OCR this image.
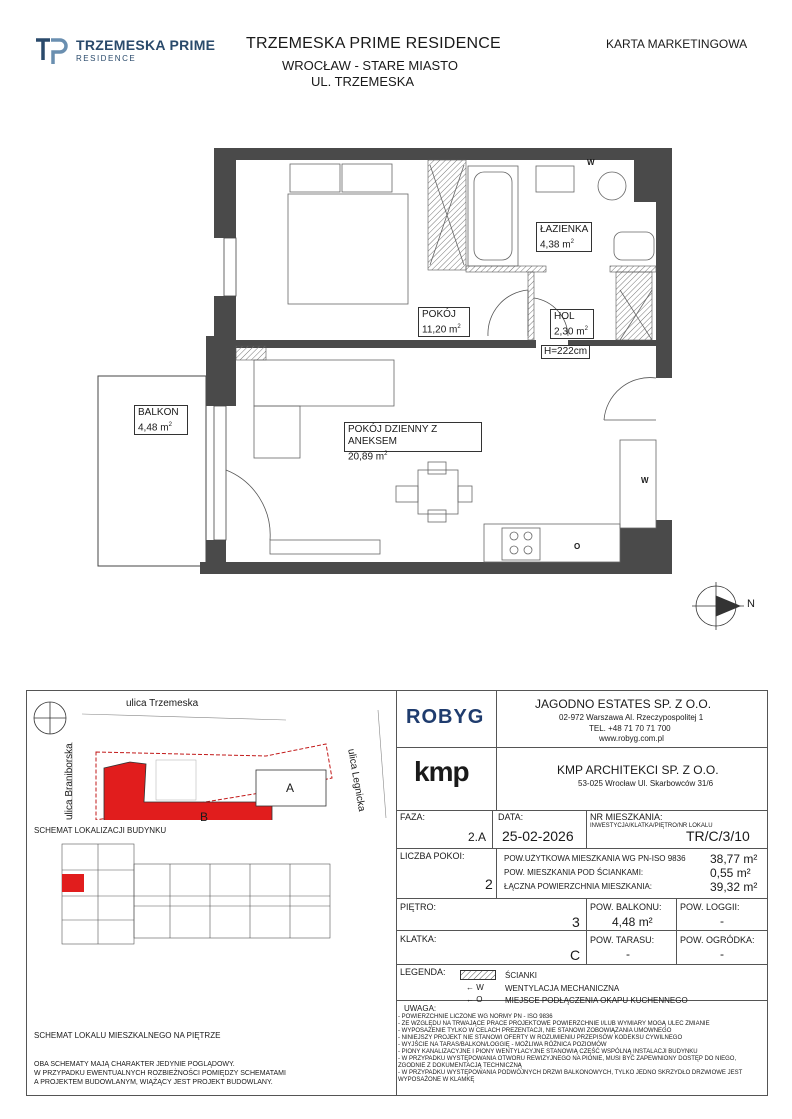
TRZEMESKA PRIME
RESIDENCE
TRZEMESKA PRIME RESIDENCE
WROCŁAW - STARE MIASTO
UL. TRZEMESKA
KARTA MARKETINGOWA
ŁAZIENKA
4,38 $m^2$
POKÓJ
11,20 $m^2$
HOL
2,30 $m^2$
BALKON
4,48 $m^2$	POKÓJ DZIENNY Z ANEKSEM
20,89 $m^2$
H=222cm
N
W
W
O
ulica Trzemeska
ulica Braniborska	ulica Legnicka
A
B
SCHEMAT LOKALIZACJI BUDYNKU
SCHEMAT LOKALU MIESZKALNEGO NA PIĘTRZE
OBA SCHEMATY MAJĄ CHARAKTER JEDYNIE POGLĄDOWY.
W PRZYPADKU EWENTUALNYCH ROZBIEŻNOŚCI POMIĘDZY SCHEMATAMI
A PROJEKTEM BUDOWLANYM, WIĄŻĄCY JEST PROJEKT BUDOWLANY.
ROBYG
JAGODNO ESTATES SP. Z O.O.
02-972 Warszawa Al. Rzeczypospolitej 1
TEL. +48 71 70 71 700
www.robyg.com.pl
kmp	KMP ARCHITEKCI SP. Z O.O.
53-025 Wrocław Ul. Skarbowców 31/6
FAZA:
2.A
DATA:
25-02-2026
NR MIESZKANIA:
INWESTYCJA/KLATKA/PIĘTRO/NR LOKALU
TR/C/3/10
LICZBA POKOI:
2
POW.UŻYTKOWA MIESZKANIA WG PN-ISO 9836 38,77 m²
POW. MIESZKANIA POD ŚCIANKAMI:	0,55 m²
ŁĄCZNA POWIERZCHNIA MIESZKANIA:	39,32 m²
PIĘTRO:
3
POW. BALKONU:
4,48 m²
POW. LOGGII:
-
KLATKA:
C
POW. TARASU:
-
POW. OGRÓDKA:
-
LEGENDA:	ŚCIANKI
← W	WENTYLACJA MECHANICZNA
← O	MIEJSCE PODŁĄCZENIA OKAPU KUCHENNEGO
UWAGA:
- POWIERZCHNIE LICZONE WG NORMY PN - ISO 9836
- ZE WZGLĘDU NA TRWAJĄCE PRACE PROJEKTOWE POWIERZCHNIE I/LUB WYMIARY MOGĄ ULEC ZMIANIE
- WYPOSAŻENIE TYLKO W CELACH PREZENTACJI, NIE STANOWI ZOBOWIĄZANIA UMOWNEGO
- NINIEJSZY PROJEKT NIE STANOWI OFERTY W ROZUMIENIU PRZEPISÓW KODEKSU CYWILNEGO
- WYJŚCIE NA TARAS/BALKON/LOGGIĘ - MOŻLIWA RÓŻNICA POZIOMÓW
- PIONY KANALIZACYJNE I PIONY WENTYLACYJNE STANOWIĄ CZĘŚĆ WSPÓLNĄ INSTALACJI BUDYNKU
- W PRZYPADKU WYSTĘPOWANIA OTWORU REWIZYJNEGO NA PIONIE, MUSI BYĆ ZAPEWNIONY DOSTĘP DO NIEGO,
ZGODNIE Z DOKUMENTACJĄ TECHNICZNĄ
- W PRZYPADKU WYSTĘPOWANIA PODWÓJNYCH DRZWI BALKONOWYCH, TYLKO JEDNO SKRZYDŁO DRZWIOWE JEST
WYPOSAŻONE W KLAMKĘ
